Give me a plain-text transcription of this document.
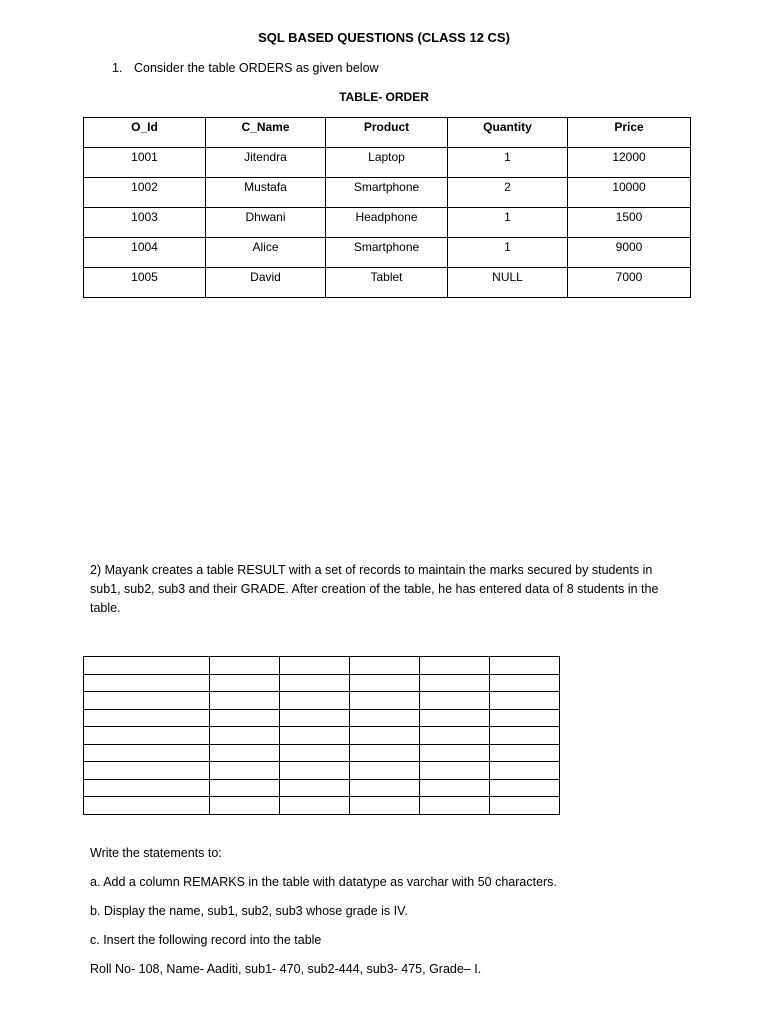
SQL BASED QUESTIONS (CLASS 12 CS)
1. Consider the table ORDERS as given below
TABLE- ORDER
O_Id	C_Name	Product	Quantity	Price
1001	Jitendra	Laptop	1	12000
1002	Mustafa	Smartphone	2	10000
1003	Dhwani	Headphone	1	1500
1004	Alice	Smartphone	1	9000
1005	David	Tablet	NULL	7000
2) Mayank creates a table RESULT with a set of records to maintain the marks secured by students in sub1, sub2, sub3 and their GRADE. After creation of the table, he has entered data of 8 students in the table.

Write the statements to:
a. Add a column REMARKS in the table with datatype as varchar with 50 characters.
b. Display the name, sub1, sub2, sub3 whose grade is IV.
c. Insert the following record into the table
Roll No- 108, Name- Aaditi, sub1- 470, sub2-444, sub3- 475, Grade– I.
